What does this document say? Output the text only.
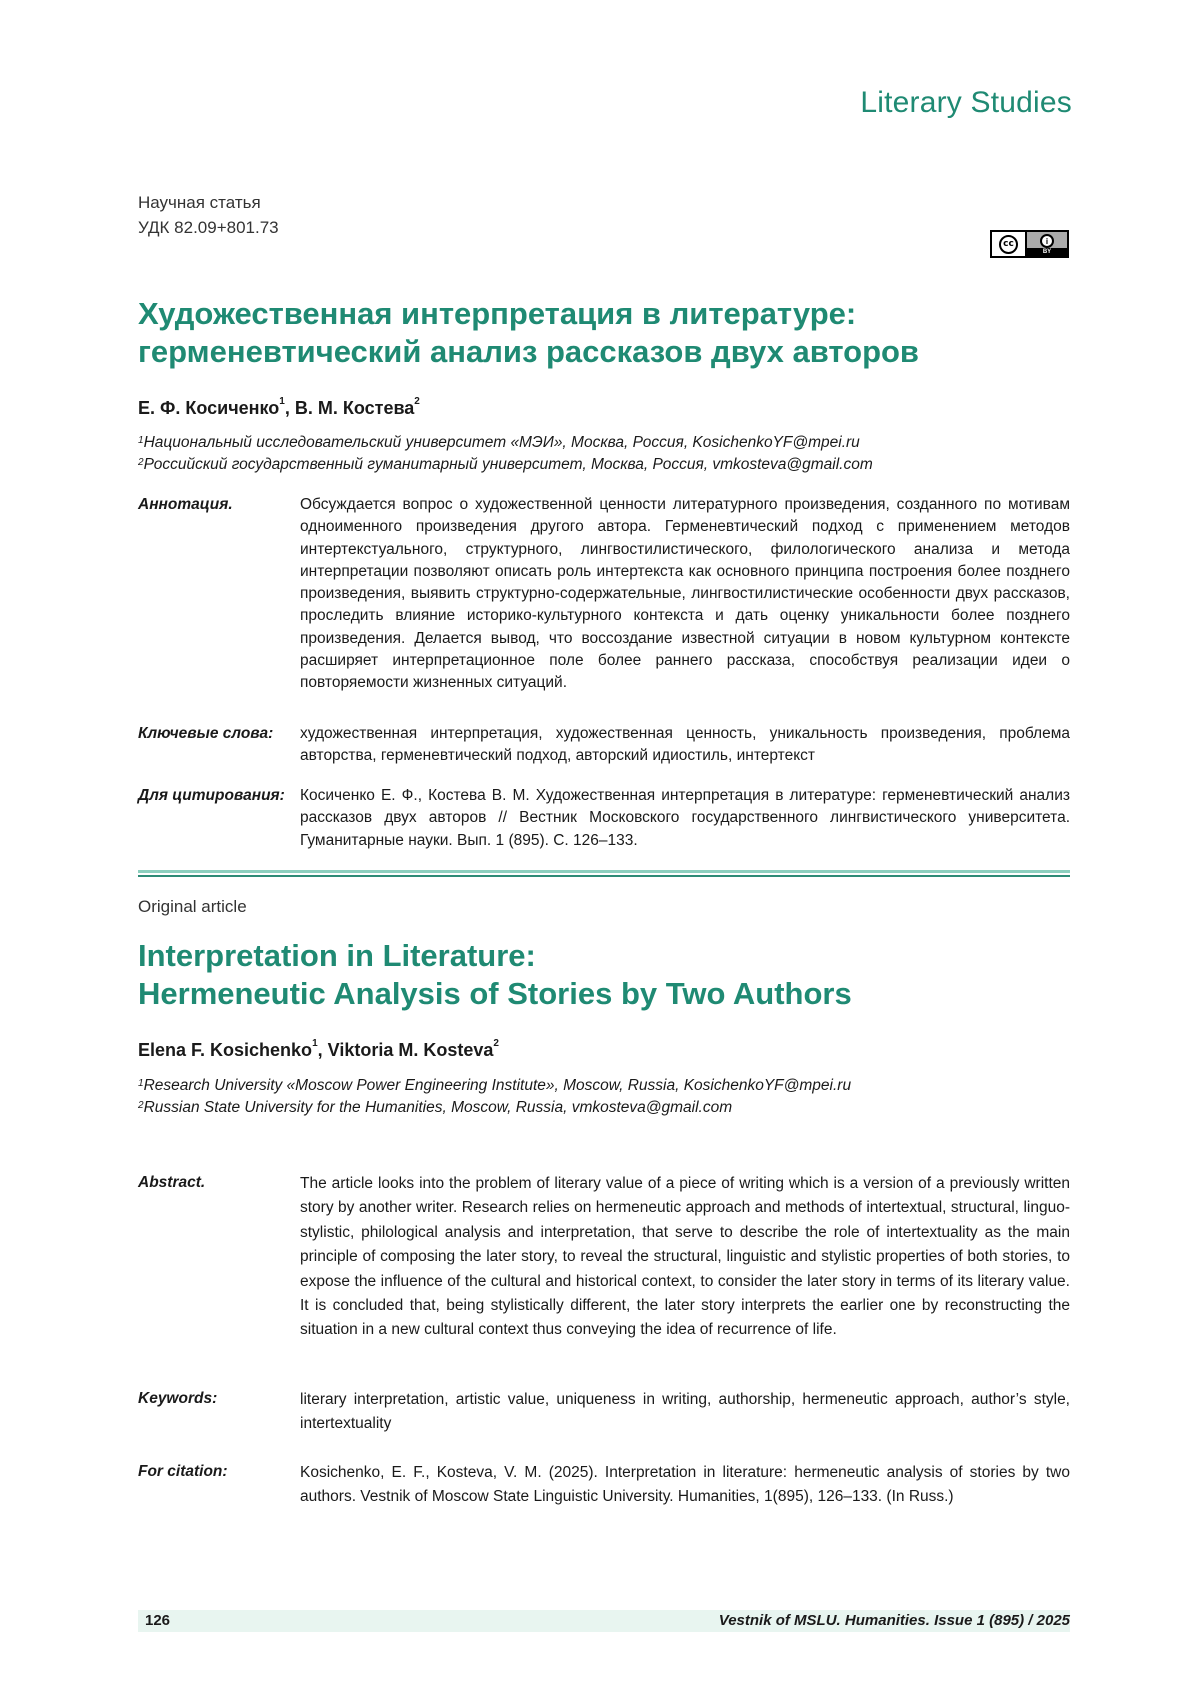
Literary Studies
Научная статья
УДК 82.09+801.73
cc	i
BY
Художественная интерпретация в литературе:
герменевтический анализ рассказов двух авторов
Е. Ф. Косиченко1, В. М. Костева2
1Национальный исследовательский университет «МЭИ», Москва, Россия, KosichenkoYF@mpei.ru
2Российский государственный гуманитарный университет, Москва, Россия, vmkosteva@gmail.com
Аннотация.	Обсуждается вопрос о художественной ценности литературного произведения, созданного по мотивам одноименного произведения другого автора. Герменевтический подход с применением методов интертекстуального, структурного, лингвостилистического, филологического анализа и метода интерпретации позволяют описать роль интертекста как основного принципа построения более позднего произведения, выявить структурно-содержательные, лингвостилистические особенности двух рассказов, проследить влияние историко-культурного контекста и дать оценку уникальности более позднего произведения. Делается вывод, что воссоздание известной ситуации в новом культурном контексте расширяет интерпретационное поле более раннего рассказа, способствуя реализации идеи о повторяемости жизненных ситуаций.
Ключевые слова: художественная интерпретация, художественная ценность, уникальность произведения, проблема авторства, герменевтический подход, авторский идиостиль, интертекст
Для цитирования: Косиченко Е. Ф., Костева В. М. Художественная интерпретация в литературе: герменевтический анализ рассказов двух авторов // Вестник Московского государственного лингвистического университета. Гуманитарные науки. Вып. 1 (895). С. 126–133.
Original article
Interpretation in Literature:
Hermeneutic Analysis of Stories by Two Authors
Elena F. Kosichenko1, Viktoria M. Kosteva2
1Research University «Moscow Power Engineering Institute», Moscow, Russia, KosichenkoYF@mpei.ru
2Russian State University for the Humanities, Moscow, Russia, vmkosteva@gmail.com
Abstract.	The article looks into the problem of literary value of a piece of writing which is a version of a previously written story by another writer. Research relies on hermeneutic approach and methods of intertextual, structural, linguo-stylistic, philological analysis and interpretation, that serve to describe the role of intertextuality as the main principle of composing the later story, to reveal the structural, linguistic and stylistic properties of both stories, to expose the influence of the cultural and historical context, to consider the later story in terms of its literary value. It is concluded that, being stylistically different, the later story interprets the earlier one by reconstructing the situation in a new cultural context thus conveying the idea of recurrence of life.
Keywords:	literary interpretation, artistic value, uniqueness in writing, authorship, hermeneutic approach, author’s style, intertextuality
For citation:	Kosichenko, E. F., Kosteva, V. M. (2025). Interpretation in literature: hermeneutic analysis of stories by two authors. Vestnik of Moscow State Linguistic University. Humanities, 1(895), 126–133. (In Russ.)
126	Vestnik of MSLU. Humanities. Issue 1 (895) / 2025
